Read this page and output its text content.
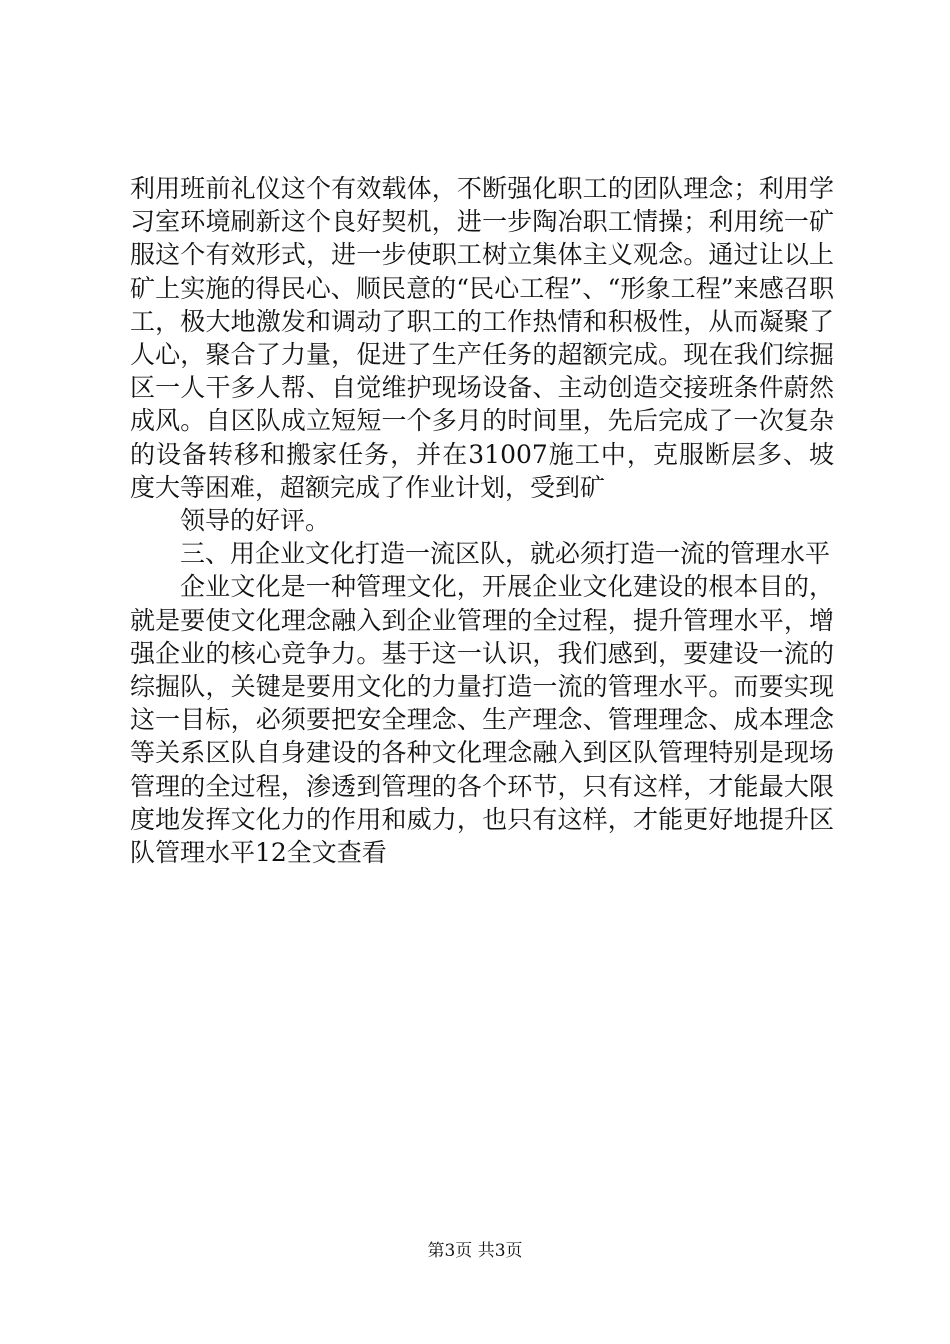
利用班前礼仪这个有效载体，不断强化职工的团队理念；利用学习室环境刷新这个良好契机，进一步陶冶职工情操；利用统一矿服这个有效形式，进一步使职工树立集体主义观念。通过让以上矿上实施的得民心、顺民意的“民心工程”、“形象工程”来感召职工，极大地激发和调动了职工的工作热情和积极性，从而凝聚了人心，聚合了力量，促进了生产任务的超额完成。现在我们综掘区一人干多人帮、自觉维护现场设备、主动创造交接班条件蔚然成风。自区队成立短短一个多月的时间里，先后完成了一次复杂的设备转移和搬家任务，并在31007施工中，克服断层多、坡度大等困难，超额完成了作业计划，受到矿

领导的好评。

三、用企业文化打造一流区队，就必须打造一流的管理水平

企业文化是一种管理文化，开展企业文化建设的根本目的，就是要使文化理念融入到企业管理的全过程，提升管理水平，增强企业的核心竞争力。基于这一认识，我们感到，要建设一流的综掘队，关键是要用文化的力量打造一流的管理水平。而要实现这一目标，必须要把安全理念、生产理念、管理理念、成本理念等关系区队自身建设的各种文化理念融入到区队管理特别是现场管理的全过程，渗透到管理的各个环节，只有这样，才能最大限度地发挥文化力的作用和威力，也只有这样，才能更好地提升区队管理水平12全文查看

第3页 共3页
